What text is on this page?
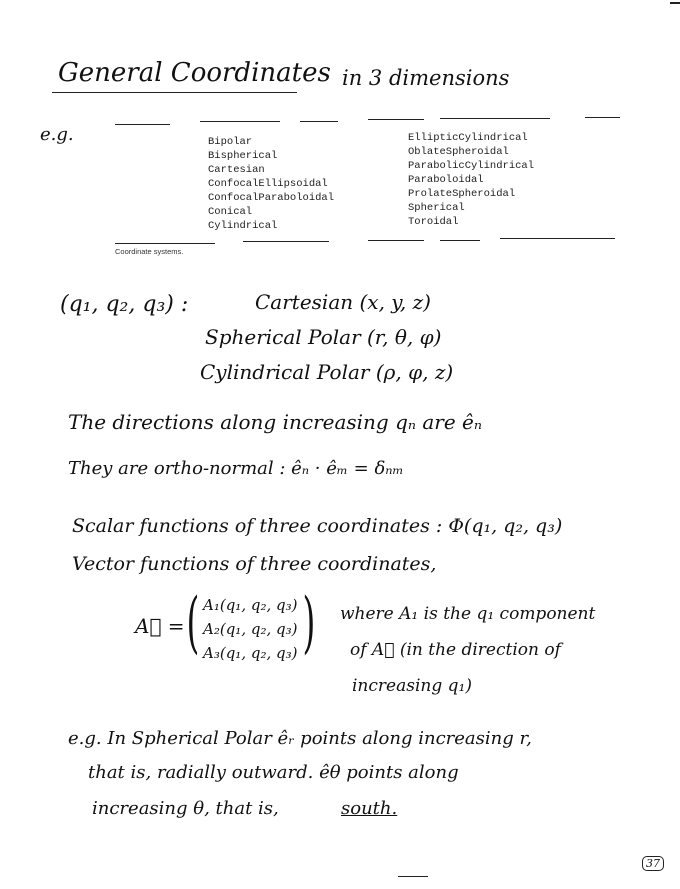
General Coordinates in 3 dimensions
e.g.	Bipolar
Bispherical
Cartesian
ConfocalEllipsoidal
ConfocalParaboloidal
Conical
Cylindrical
EllipticCylindrical
OblateSpheroidal
ParabolicCylindrical
Paraboloidal
ProlateSpheroidal
Spherical
Toroidal
Coordinate systems.
(q₁, q₂, q₃) :	Cartesian (x, y, z)
Spherical Polar (r, θ, φ)
Cylindrical Polar (ρ, φ, z)
The directions along increasing qₙ are êₙ
They are ortho-normal : êₙ · êₘ = δₙₘ
Scalar functions of three coordinates : Φ(q₁, q₂, q₃)
Vector functions of three coordinates,
A⃗ = ( A₁(q₁, q₂, q₃)
A₂(q₁, q₂, q₃)
A₃(q₁, q₂, q₃) ) where A₁ is the q₁ component
of A⃗ (in the direction of
increasing q₁)
e.g. In Spherical Polar êᵣ points along increasing r,
that is, radially outward. êθ points along
increasing θ, that is,	south.
37
